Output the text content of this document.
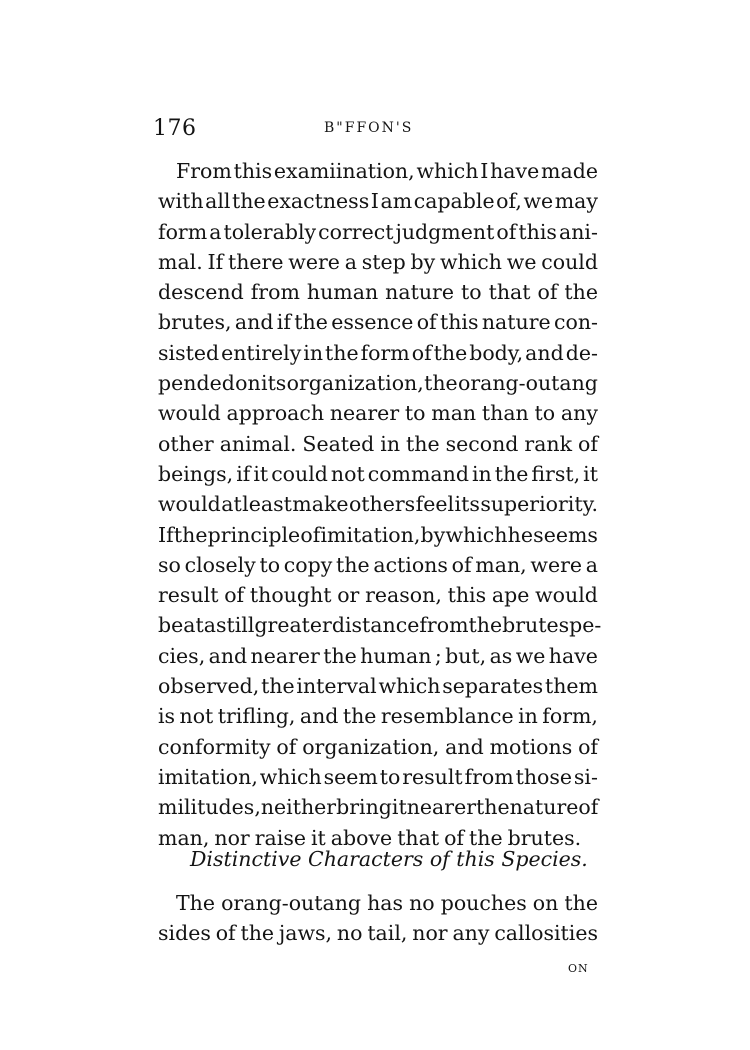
176	B"FFON'S
From this examiination, which I have made
with all the exactness I am capable of, we may
form a tolerably correct judgment of this ani-
mal. If there were a step by which we could
descend from human nature to that of the
brutes, and if the essence of this nature con-
sisted entirely in the form of the body, and de-
pended on its organization, the orang-outang
would approach nearer to man than to any
other animal. Seated in the second rank of
beings, if it could not command in the first, it
would at least make others feel its superiority.
If the principle of imitation, by which he seems
so closely to copy the actions of man, were a
result of thought or reason, this ape would
be at a still greater distance from the brute spe-
cies, and nearer the human ; but, as we have
observed, the interval which separates them
is not trifling, and the resemblance in form,
conformity of organization, and motions of
imitation, which seem to result from those si-
militudes, neither bring it nearer the nature of
man, nor raise it above that of the brutes.
Distinctive Characters of this Species.
The orang-outang has no pouches on the
sides of the jaws, no tail, nor any callosities
on
